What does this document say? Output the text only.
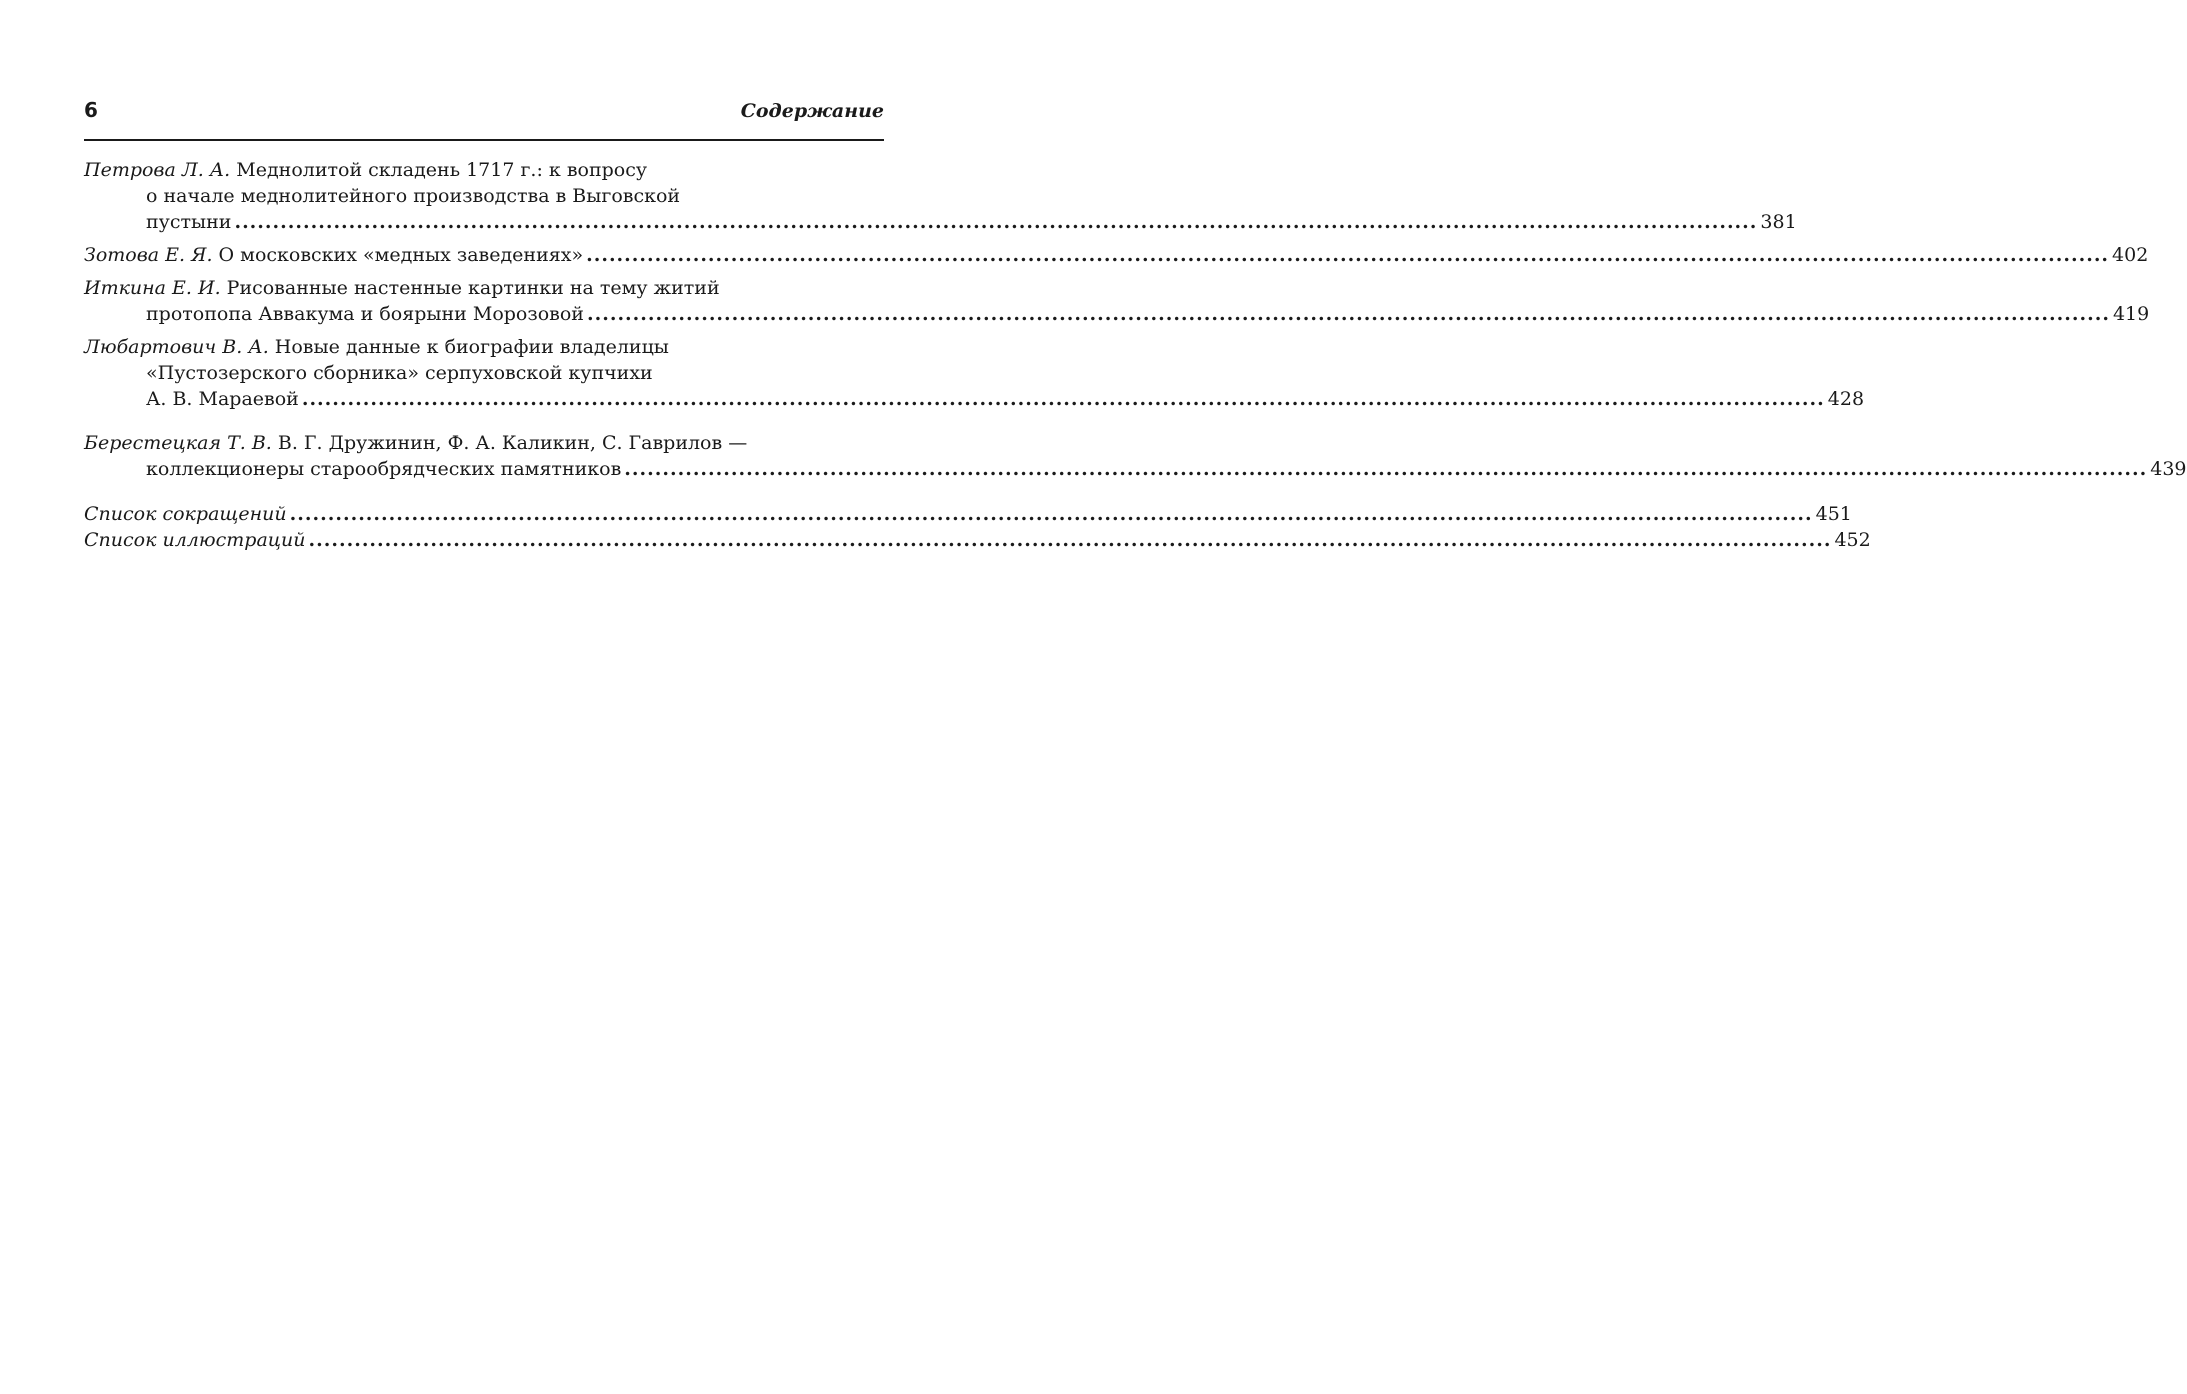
6	Содержание
Петрова Л. А. Меднолитой складень 1717 г.: к вопросу
о начале меднолитейного производства в Выговской
пустыни ........................................................................................................................................................................................................ 381
Зотова Е. Я. О московских «медных заведениях» ........................................................................................................................................................................................................ 402
Иткина Е. И. Рисованные настенные картинки на тему житий
протопопа Аввакума и боярыни Морозовой ........................................................................................................................................................................................................ 419
Любартович В. А. Новые данные к биографии владелицы
«Пустозерского сборника» серпуховской купчихи
А. В. Мараевой ........................................................................................................................................................................................................ 428
Берестецкая Т. В. В. Г. Дружинин, Ф. А. Каликин, С. Гаврилов —
коллекционеры старообрядческих памятников ........................................................................................................................................................................................................ 439
Список сокращений ........................................................................................................................................................................................................ 451
Список иллюстраций ........................................................................................................................................................................................................ 452
